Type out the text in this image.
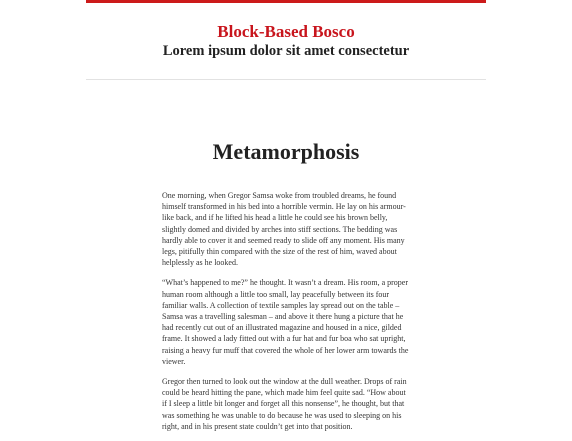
Block-Based Bosco
Lorem ipsum dolor sit amet consectetur
Metamorphosis

One morning, when Gregor Samsa woke from troubled dreams, he found himself transformed in his bed into a horrible vermin. He lay on his armour-like back, and if he lifted his head a little he could see his brown belly, slightly domed and divided by arches into stiff sections. The bedding was hardly able to cover it and seemed ready to slide off any moment. His many legs, pitifully thin compared with the size of the rest of him, waved about helplessly as he looked.

“What’s happened to me?” he thought. It wasn’t a dream. His room, a proper human room although a little too small, lay peacefully between its four familiar walls. A collection of textile samples lay spread out on the table – Samsa was a travelling salesman – and above it there hung a picture that he had recently cut out of an illustrated magazine and housed in a nice, gilded frame. It showed a lady fitted out with a fur hat and fur boa who sat upright, raising a heavy fur muff that covered the whole of her lower arm towards the viewer.

Gregor then turned to look out the window at the dull weather. Drops of rain could be heard hitting the pane, which made him feel quite sad. “How about if I sleep a little bit longer and forget all this nonsense”, he thought, but that was something he was unable to do because he was used to sleeping on his right, and in his present state couldn’t get into that position.
